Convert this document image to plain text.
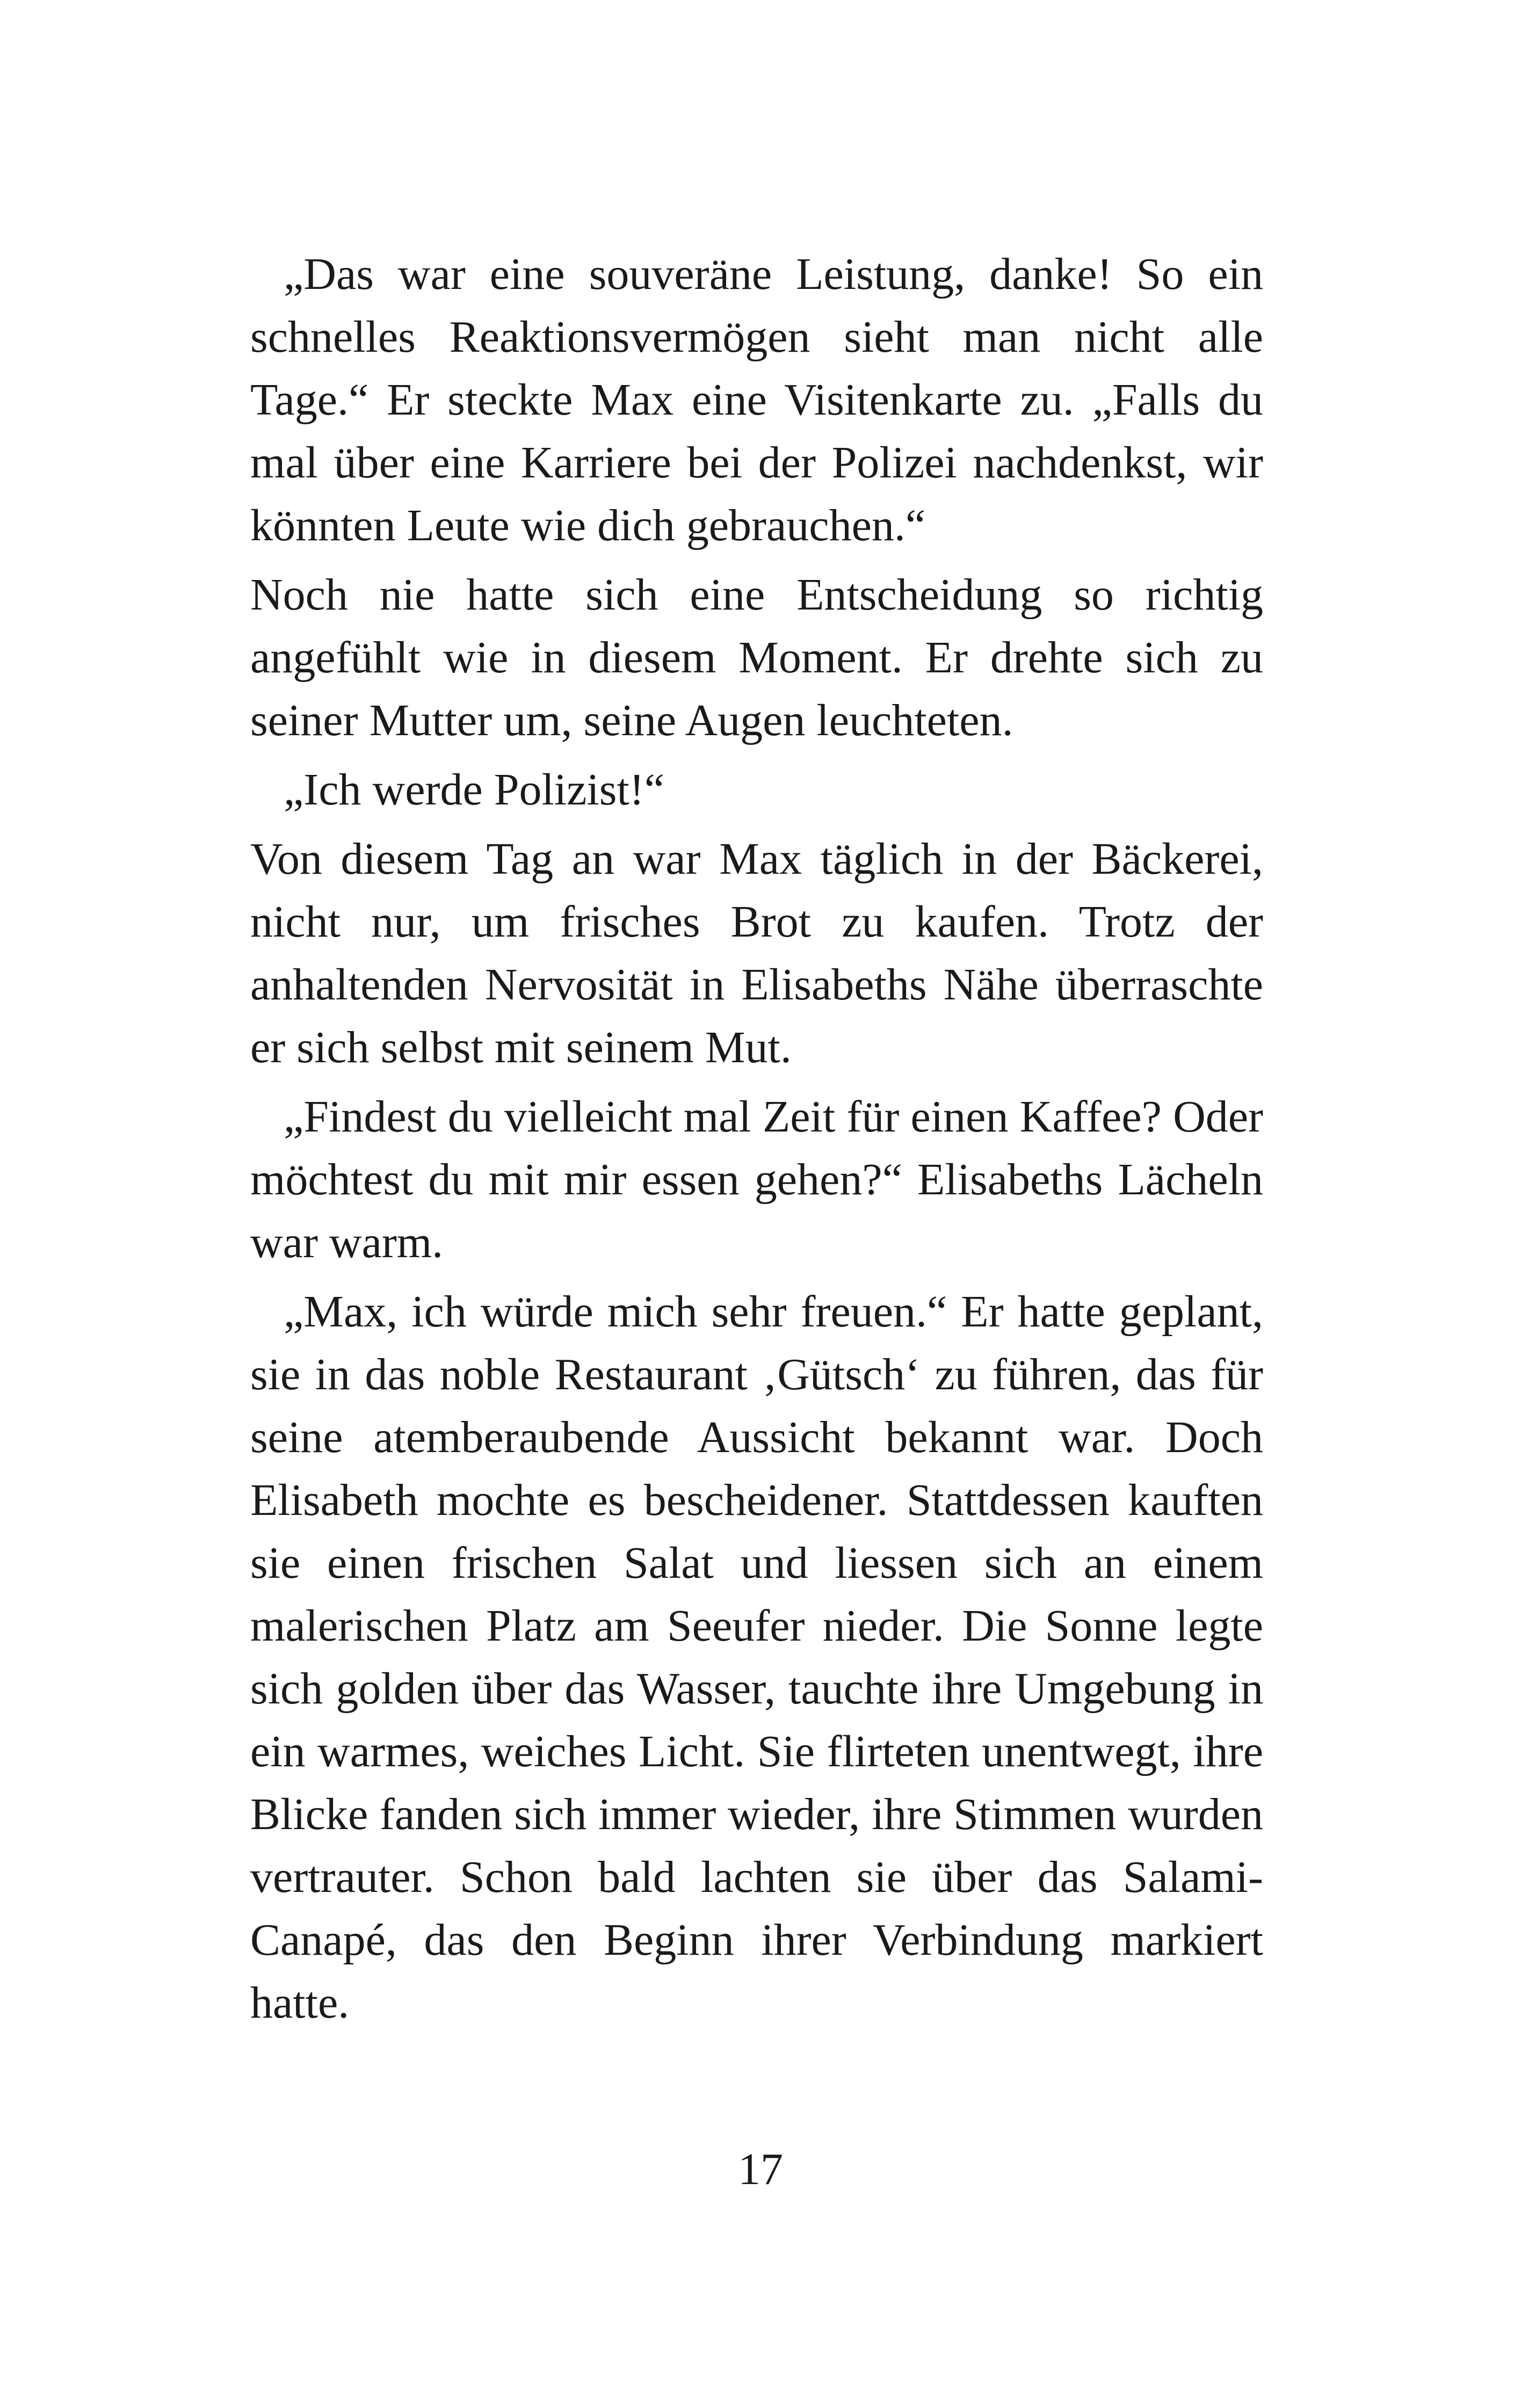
„Das war eine souveräne Leistung, danke! So ein schnelles Reaktionsvermögen sieht man nicht alle Tage.“ Er steckte Max eine Visitenkarte zu. „Falls du mal über eine Karriere bei der Polizei nachdenkst, wir könnten Leute wie dich gebrauchen.“

Noch nie hatte sich eine Entscheidung so richtig angefühlt wie in diesem Moment. Er drehte sich zu seiner Mutter um, seine Augen leuchteten.

„Ich werde Polizist!“

Von diesem Tag an war Max täglich in der Bäckerei, nicht nur, um frisches Brot zu kaufen. Trotz der anhaltenden Nervosität in Elisabeths Nähe überraschte er sich selbst mit seinem Mut.

„Findest du vielleicht mal Zeit für einen Kaffee? Oder möchtest du mit mir essen gehen?“ Elisabeths Lächeln war warm.

„Max, ich würde mich sehr freuen.“ Er hatte geplant, sie in das noble Restaurant ‚Gütsch‘ zu führen, das für seine atemberaubende Aussicht bekannt war. Doch Elisabeth mochte es bescheidener. Stattdessen kauften sie einen frischen Salat und liessen sich an einem malerischen Platz am Seeufer nieder. Die Sonne legte sich golden über das Wasser, tauchte ihre Umgebung in ein warmes, weiches Licht. Sie flirteten unentwegt, ihre Blicke fanden sich immer wieder, ihre Stimmen wurden vertrauter. Schon bald lachten sie über das Salami-Canapé, das den Beginn ihrer Verbindung markiert hatte.

17
